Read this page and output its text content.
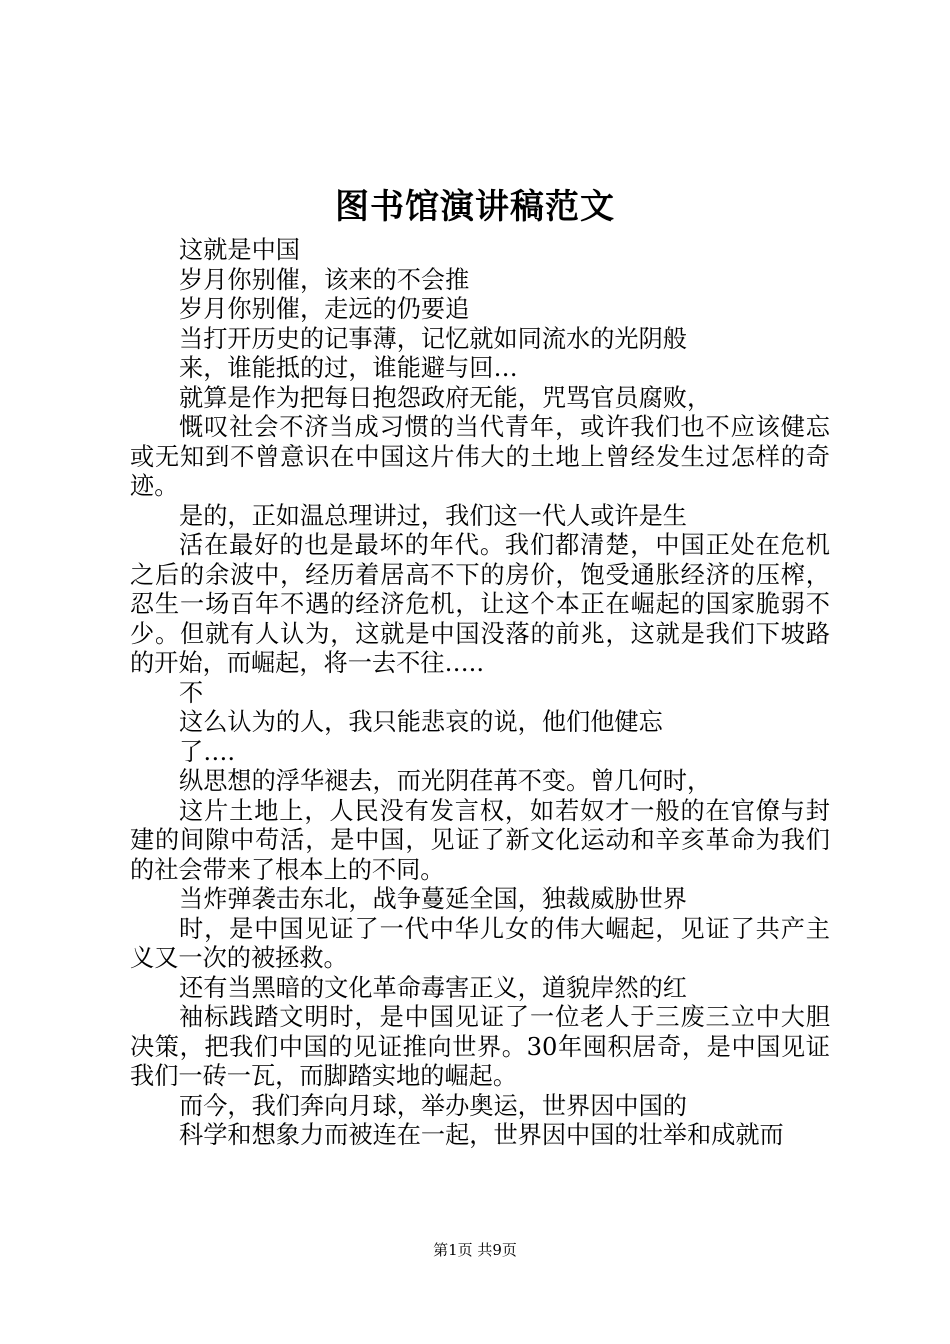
图书馆演讲稿范文

这就是中国

岁月你别催，该来的不会推

岁月你别催，走远的仍要追

当打开历史的记事薄，记忆就如同流水的光阴般

来，谁能抵的过，谁能避与回…

就算是作为把每日抱怨政府无能，咒骂官员腐败，

慨叹社会不济当成习惯的当代青年，或许我们也不应该健忘或无知到不曾意识在中国这片伟大的土地上曾经发生过怎样的奇迹。

是的，正如温总理讲过，我们这一代人或许是生

活在最好的也是最坏的年代。我们都清楚，中国正处在危机之后的余波中，经历着居高不下的房价，饱受通胀经济的压榨，忍生一场百年不遇的经济危机，让这个本正在崛起的国家脆弱不少。但就有人认为，这就是中国没落的前兆，这就是我们下坡路的开始，而崛起，将一去不往…..

不

这么认为的人，我只能悲哀的说，他们他健忘

了….

纵思想的浮华褪去，而光阴荏苒不变。曾几何时，

这片土地上，人民没有发言权，如若奴才一般的在官僚与封建的间隙中苟活，是中国，见证了新文化运动和辛亥革命为我们的社会带来了根本上的不同。

当炸弹袭击东北，战争蔓延全国，独裁威胁世界

时，是中国见证了一代中华儿女的伟大崛起，见证了共产主义又一次的被拯救。

还有当黑暗的文化革命毒害正义，道貌岸然的红

袖标践踏文明时，是中国见证了一位老人于三废三立中大胆决策，把我们中国的见证推向世界。30年囤积居奇，是中国见证我们一砖一瓦，而脚踏实地的崛起。

而今，我们奔向月球，举办奥运，世界因中国的

科学和想象力而被连在一起，世界因中国的壮举和成就而

第1页 共9页
